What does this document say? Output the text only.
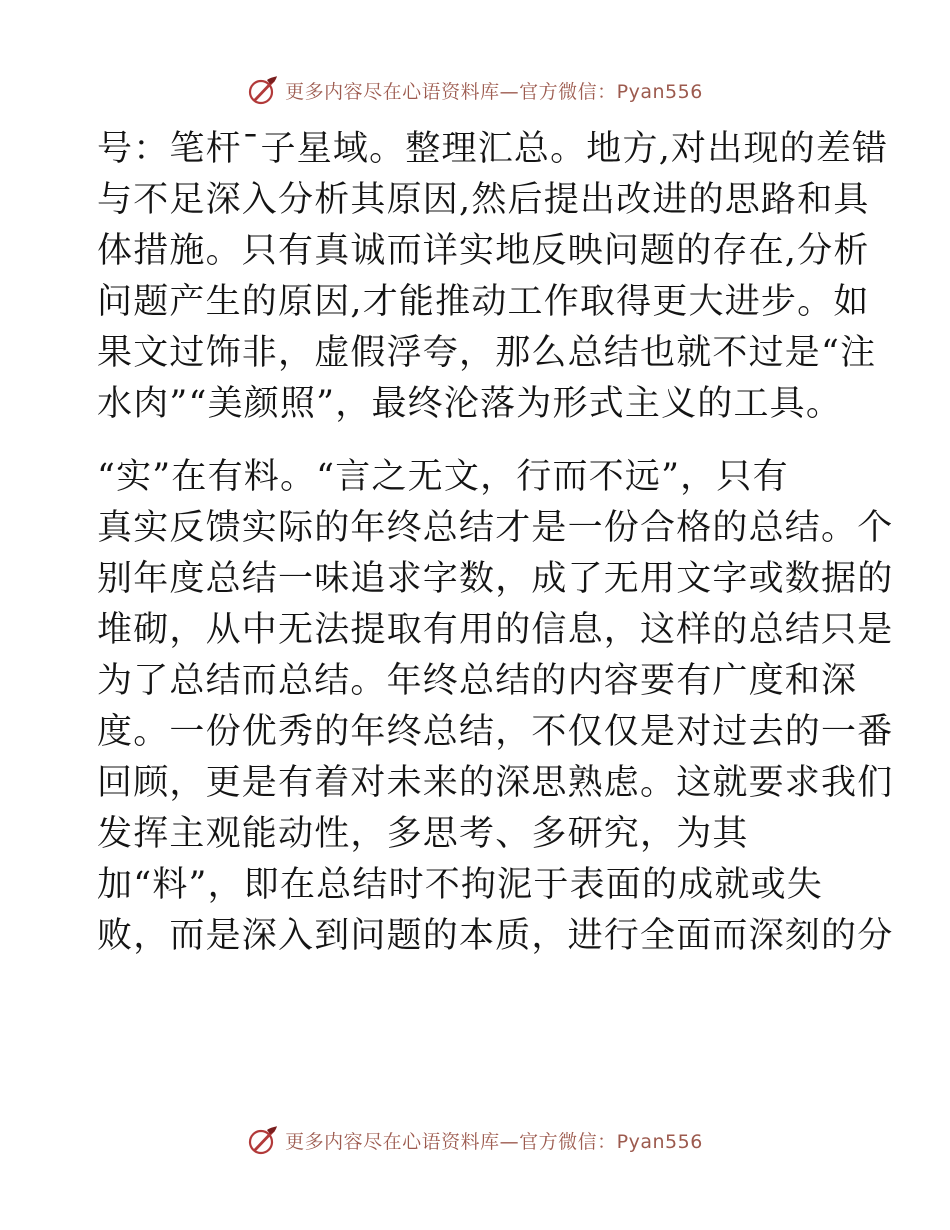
更多内容尽在心语资料库—官方微信：Pyan556
号：笔杆¯子星域。整理汇总。地方,对出现的差错
与不足深入分析其原因,然后提出改进的思路和具
体措施。只有真诚而详实地反映问题的存在,分析
问题产生的原因,才能推动工作取得更大进步。如
果文过饰非，虚假浮夸，那么总结也就不过是“注
水肉”“美颜照”，最终沦落为形式主义的工具。
“实”在有料。“言之无文，行而不远”，只有
真实反馈实际的年终总结才是一份合格的总结。个
别年度总结一味追求字数，成了无用文字或数据的
堆砌，从中无法提取有用的信息，这样的总结只是
为了总结而总结。年终总结的内容要有广度和深
度。一份优秀的年终总结，不仅仅是对过去的一番
回顾，更是有着对未来的深思熟虑。这就要求我们
发挥主观能动性，多思考、多研究，为其
加“料”，即在总结时不拘泥于表面的成就或失
败，而是深入到问题的本质，进行全面而深刻的分
更多内容尽在心语资料库—官方微信：Pyan556
